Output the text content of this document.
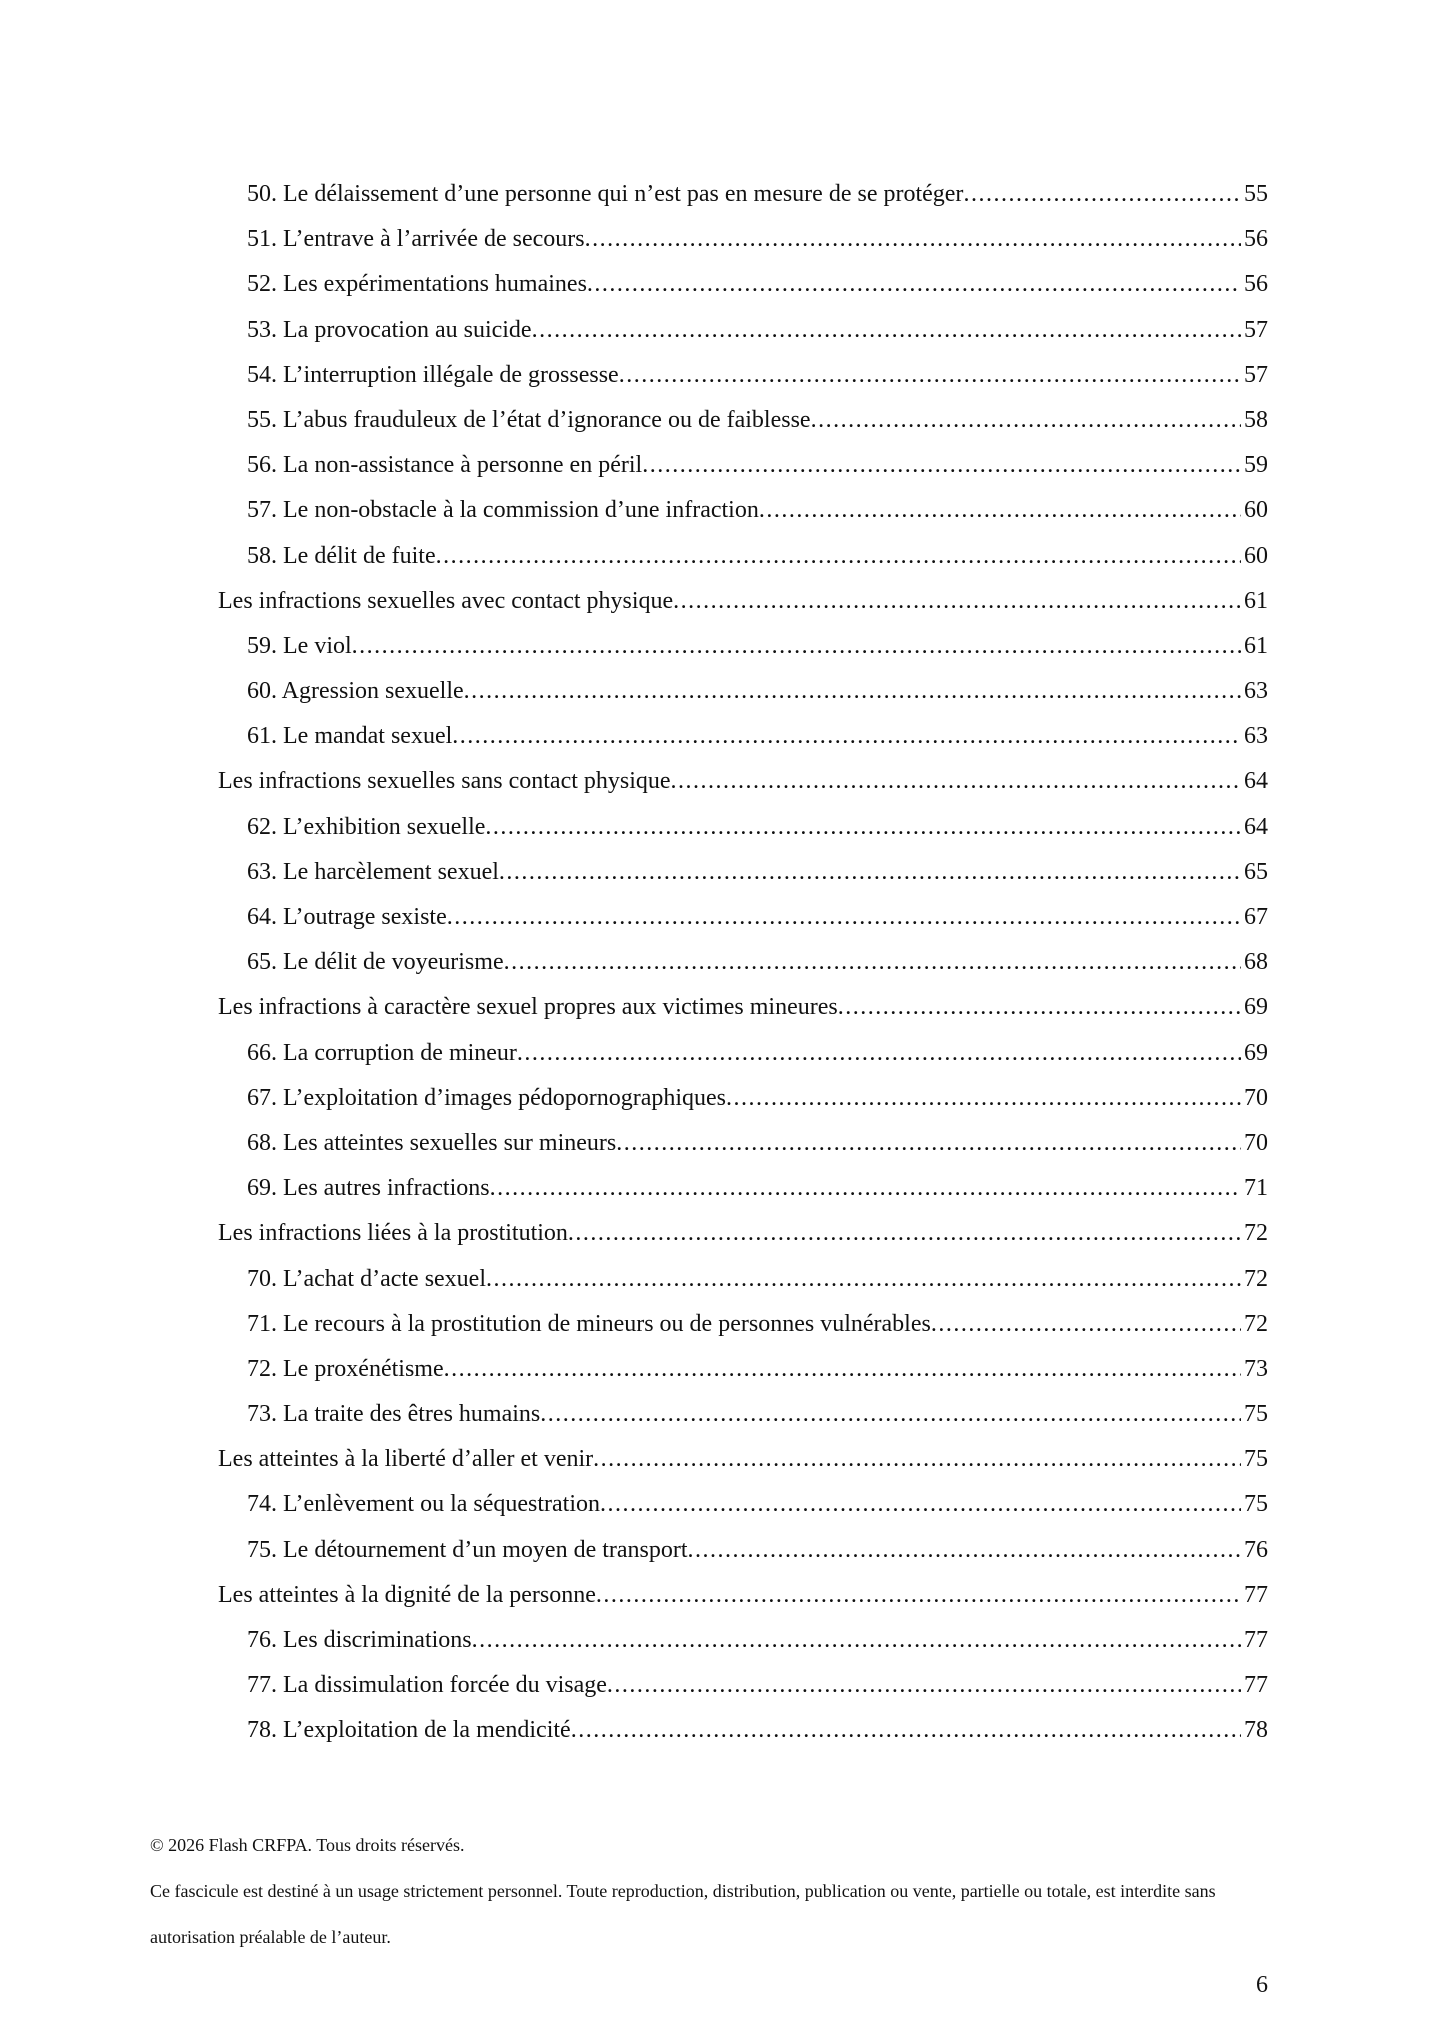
50. Le délaissement d’une personne qui n’est pas en mesure de se protéger .....	55
51. L’entrave à l’arrivée de secours .....	56
52. Les expérimentations humaines .....	56
53. La provocation au suicide .....	57
54. L’interruption illégale de grossesse .....	57
55. L’abus frauduleux de l’état d’ignorance ou de faiblesse .....	58
56. La non-assistance à personne en péril .....	59
57. Le non-obstacle à la commission d’une infraction .....	60
58. Le délit de fuite .....	60
Les infractions sexuelles avec contact physique .....	61
59. Le viol .....	61
60. Agression sexuelle .....	63
61. Le mandat sexuel .....	63
Les infractions sexuelles sans contact physique .....	64
62. L’exhibition sexuelle .....	64
63. Le harcèlement sexuel .....	65
64. L’outrage sexiste .....	67
65. Le délit de voyeurisme .....	68
Les infractions à caractère sexuel propres aux victimes mineures .....	69
66. La corruption de mineur .....	69
67. L’exploitation d’images pédopornographiques .....	70
68. Les atteintes sexuelles sur mineurs .....	70
69. Les autres infractions .....	71
Les infractions liées à la prostitution .....	72
70. L’achat d’acte sexuel .....	72
71. Le recours à la prostitution de mineurs ou de personnes vulnérables .....	72
72. Le proxénétisme .....	73
73. La traite des êtres humains .....	75
Les atteintes à la liberté d’aller et venir .....	75
74. L’enlèvement ou la séquestration .....	75
75. Le détournement d’un moyen de transport .....	76
Les atteintes à la dignité de la personne .....	77
76. Les discriminations .....	77
77. La dissimulation forcée du visage .....	77
78. L’exploitation de la mendicité .....	78

© 2026 Flash CRFPA. Tous droits réservés.

Ce fascicule est destiné à un usage strictement personnel. Toute reproduction, distribution, publication ou vente, partielle ou totale, est interdite sans autorisation préalable de l’auteur.

6
